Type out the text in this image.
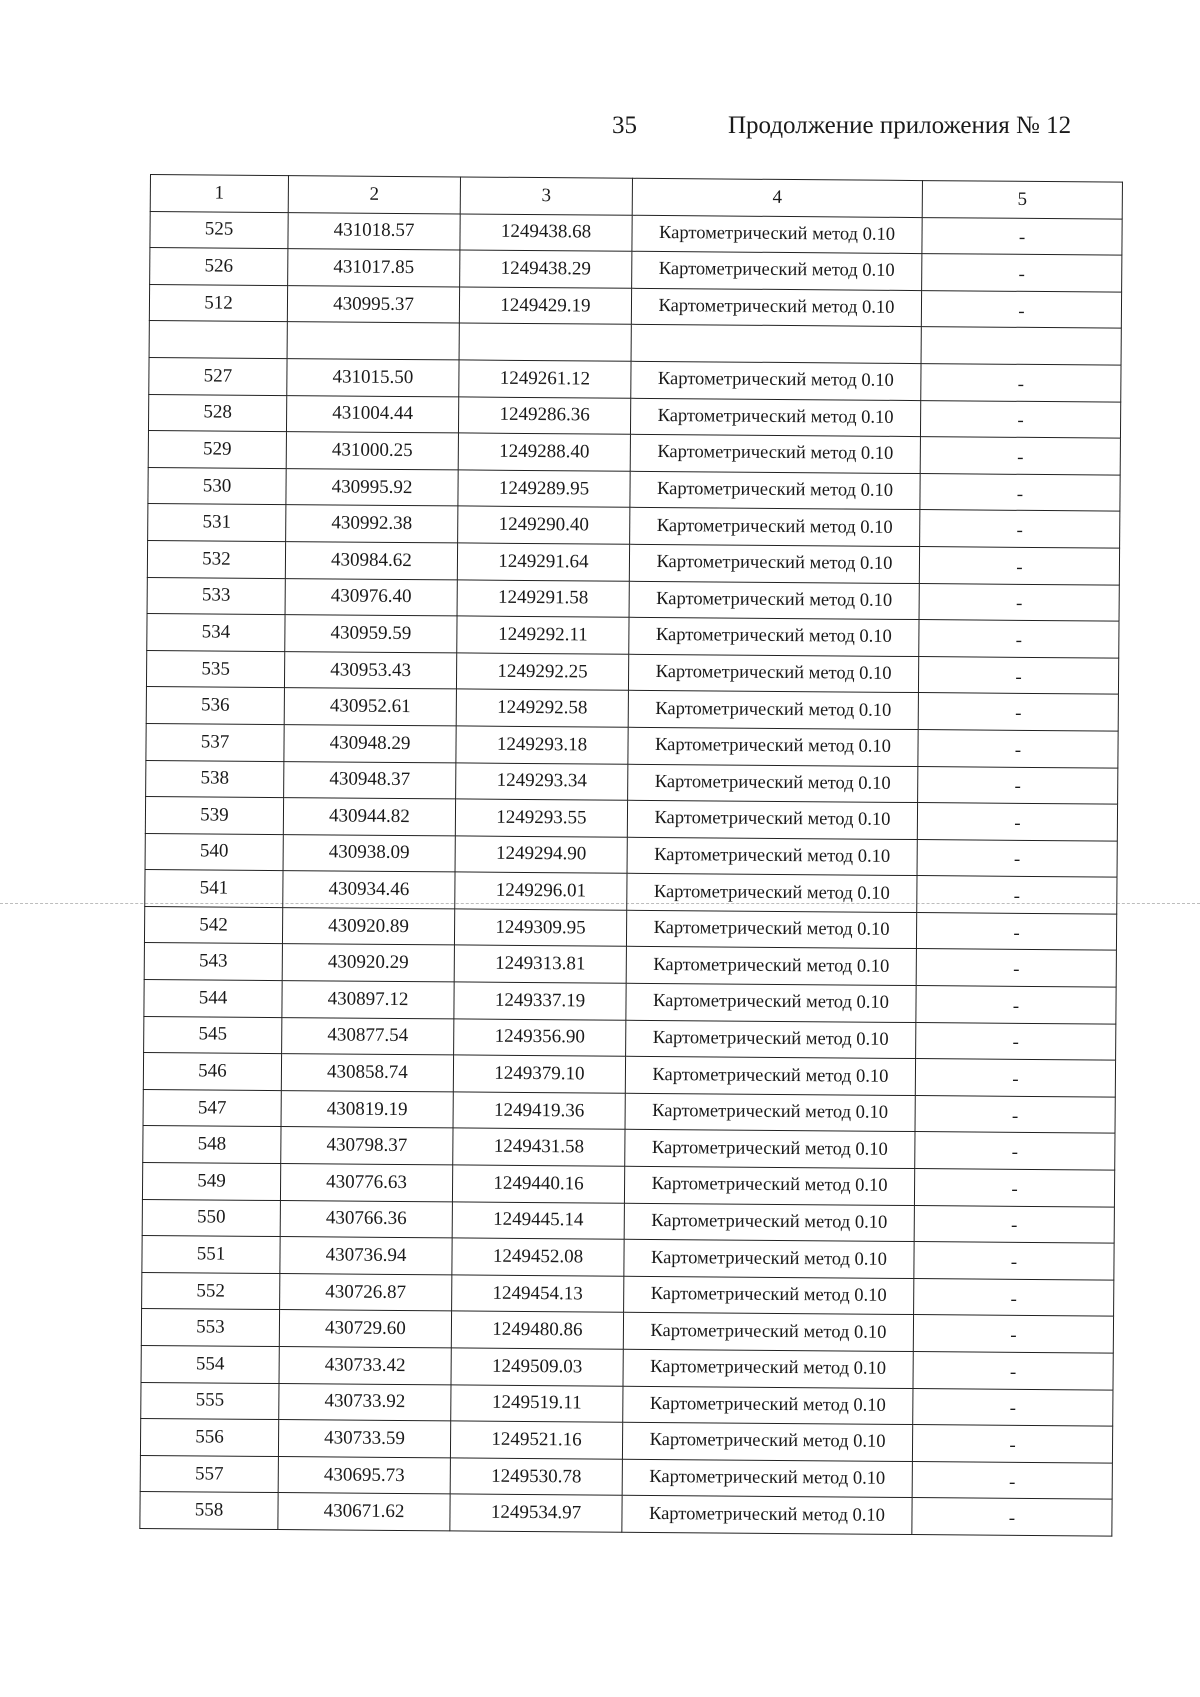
35	Продолжение приложения № 12
1	2	3	4	5
525	431018.57	1249438.68	Картометрический метод 0.10	-
526	431017.85	1249438.29	Картометрический метод 0.10	-
512	430995.37	1249429.19	Картометрический метод 0.10	-

527	431015.50	1249261.12	Картометрический метод 0.10	-
528	431004.44	1249286.36	Картометрический метод 0.10	-
529	431000.25	1249288.40	Картометрический метод 0.10	-
530	430995.92	1249289.95	Картометрический метод 0.10	-
531	430992.38	1249290.40	Картометрический метод 0.10	-
532	430984.62	1249291.64	Картометрический метод 0.10	-
533	430976.40	1249291.58	Картометрический метод 0.10	-
534	430959.59	1249292.11	Картометрический метод 0.10	-
535	430953.43	1249292.25	Картометрический метод 0.10	-
536	430952.61	1249292.58	Картометрический метод 0.10	-
537	430948.29	1249293.18	Картометрический метод 0.10	-
538	430948.37	1249293.34	Картометрический метод 0.10	-
539	430944.82	1249293.55	Картометрический метод 0.10	-
540	430938.09	1249294.90	Картометрический метод 0.10	-
541	430934.46	1249296.01	Картометрический метод 0.10	-
542	430920.89	1249309.95	Картометрический метод 0.10	-
543	430920.29	1249313.81	Картометрический метод 0.10	-
544	430897.12	1249337.19	Картометрический метод 0.10	-
545	430877.54	1249356.90	Картометрический метод 0.10	-
546	430858.74	1249379.10	Картометрический метод 0.10	-
547	430819.19	1249419.36	Картометрический метод 0.10	-
548	430798.37	1249431.58	Картометрический метод 0.10	-
549	430776.63	1249440.16	Картометрический метод 0.10	-
550	430766.36	1249445.14	Картометрический метод 0.10	-
551	430736.94	1249452.08	Картометрический метод 0.10	-
552	430726.87	1249454.13	Картометрический метод 0.10	-
553	430729.60	1249480.86	Картометрический метод 0.10	-
554	430733.42	1249509.03	Картометрический метод 0.10	-
555	430733.92	1249519.11	Картометрический метод 0.10	-
556	430733.59	1249521.16	Картометрический метод 0.10	-
557	430695.73	1249530.78	Картометрический метод 0.10	-
558	430671.62	1249534.97	Картометрический метод 0.10	-
